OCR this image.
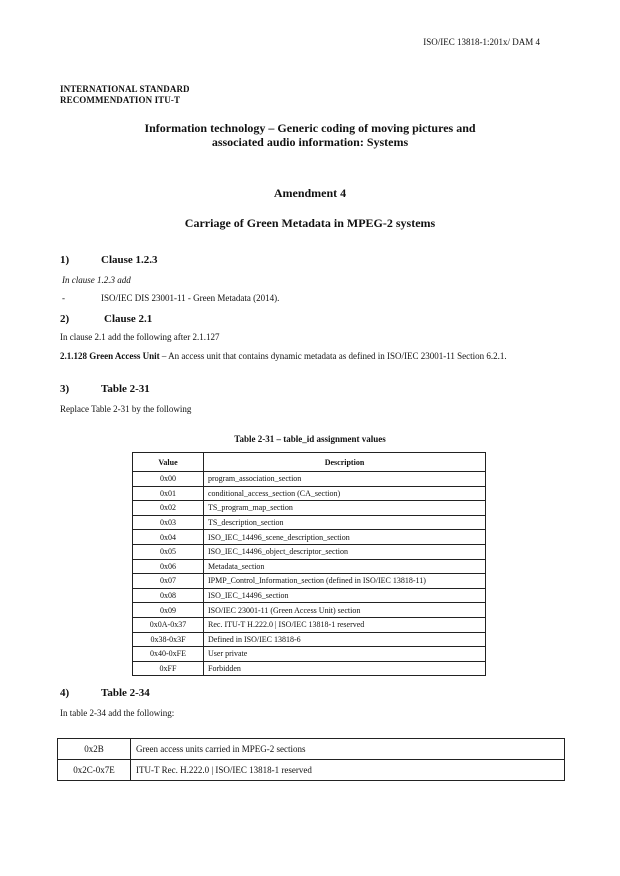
ISO/IEC 13818-1:201x/ DAM 4
INTERNATIONAL STANDARD
RECOMMENDATION ITU-T
Information technology – Generic coding of moving pictures and
associated audio information: Systems
Amendment 4
Carriage of Green Metadata in MPEG-2 systems
1)	Clause 1.2.3
In clause 1.2.3 add
-	ISO/IEC DIS 23001-11 - Green Metadata (2014).
2)	Clause 2.1
In clause 2.1 add the following after 2.1.127
2.1.128 Green Access Unit – An access unit that contains dynamic metadata as defined in ISO/IEC 23001-11 Section 6.2.1.
3)	Table 2-31
Replace Table 2-31 by the following
Table 2-31 – table_id assignment values
Value	Description
0x00	program_association_section
0x01	conditional_access_section (CA_section)
0x02	TS_program_map_section
0x03	TS_description_section
0x04	ISO_IEC_14496_scene_description_section
0x05	ISO_IEC_14496_object_descriptor_section
0x06	Metadata_section
0x07	IPMP_Control_Information_section (defined in ISO/IEC 13818-11)
0x08	ISO_IEC_14496_section
0x09	ISO/IEC 23001-11 (Green Access Unit) section
0x0A-0x37	Rec. ITU-T H.222.0 | ISO/IEC 13818-1 reserved
0x38-0x3F	Defined in ISO/IEC 13818-6
0x40-0xFE	User private
0xFF	Forbidden
4)	Table 2-34
In table 2-34 add the following:
0x2B	Green access units carried in MPEG-2 sections
0x2C-0x7E	ITU-T Rec. H.222.0 | ISO/IEC 13818-1 reserved
